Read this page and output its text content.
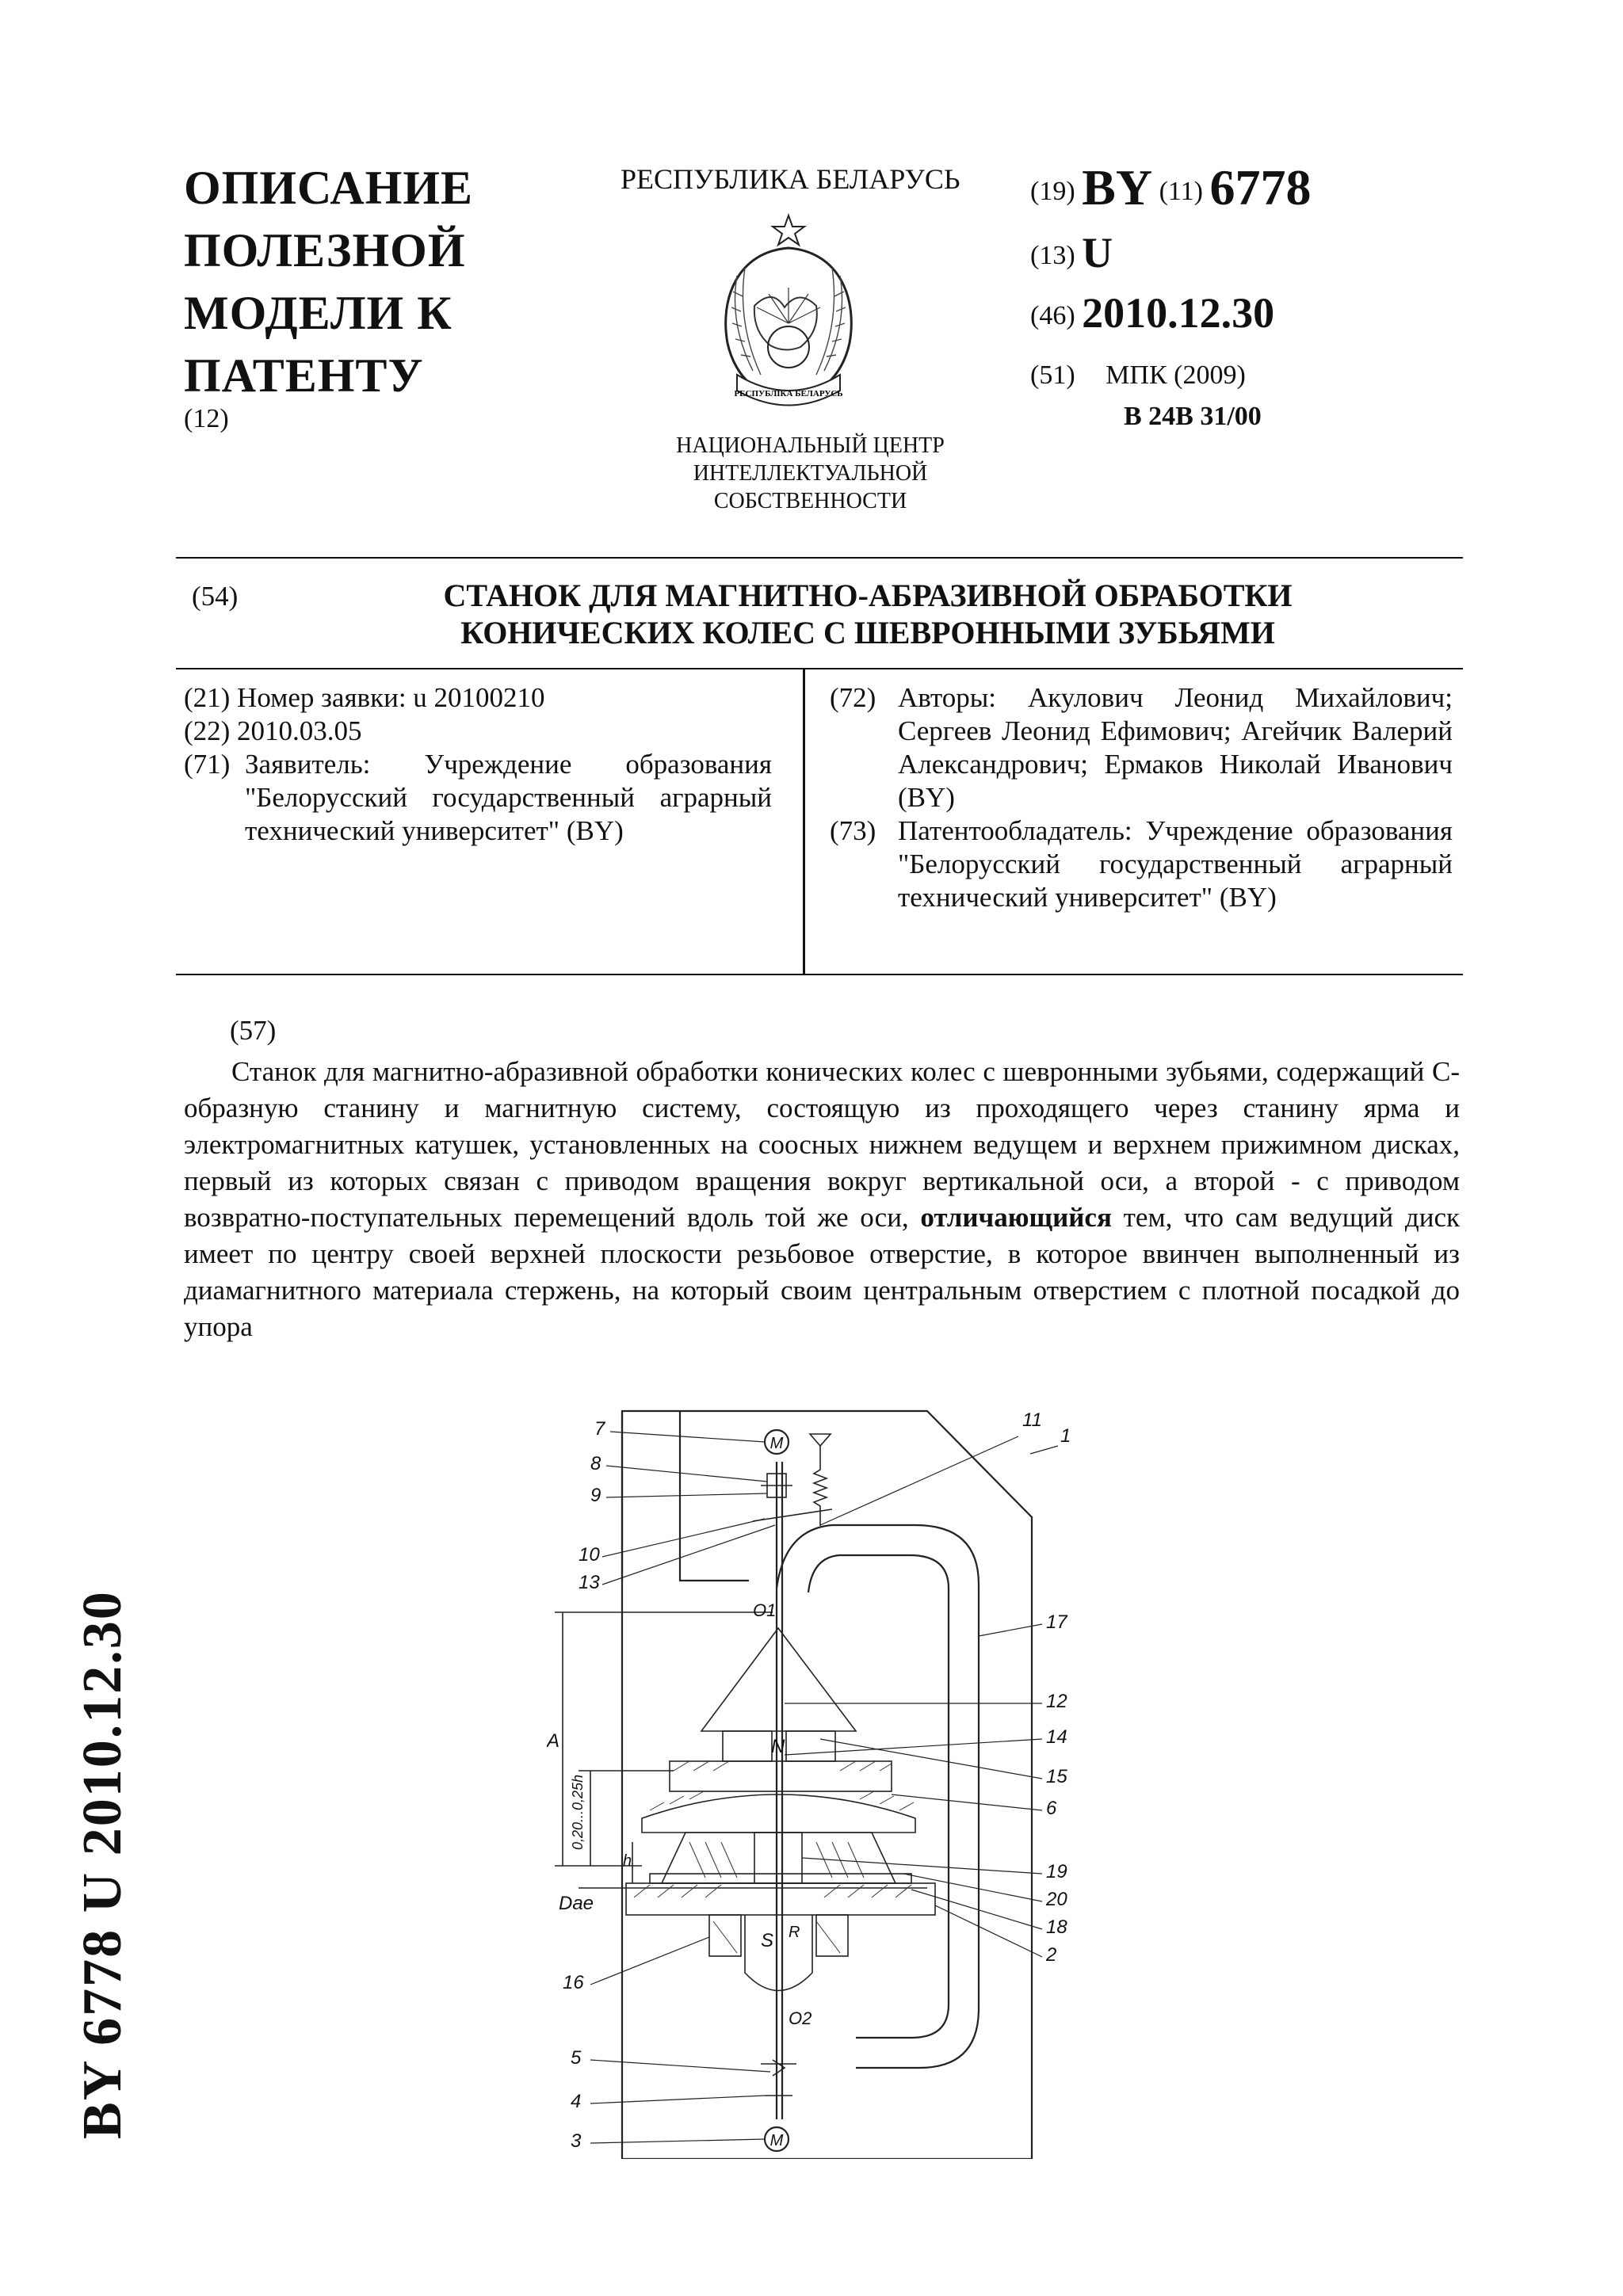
ОПИСАНИЕ
ПОЛЕЗНОЙ
МОДЕЛИ К
ПАТЕНТУ
(12)
РЕСПУБЛИКА БЕЛАРУСЬ
РЕСПУБЛІКА БЕЛАРУСЬ
НАЦИОНАЛЬНЫЙ ЦЕНТР
ИНТЕЛЛЕКТУАЛЬНОЙ
СОБСТВЕННОСТИ
(19) BY (11) 6778
(13) U
(46) 2010.12.30
(51) МПК (2009)
B 24B 31/00
(54)	СТАНОК ДЛЯ МАГНИТНО-АБРАЗИВНОЙ ОБРАБОТКИ
КОНИЧЕСКИХ КОЛЕС С ШЕВРОННЫМИ ЗУБЬЯМИ
(21) Номер заявки: u 20100210
(22) 2010.03.05
(71) Заявитель: Учреждение образования "Белорусский государственный аграрный технический университет" (BY)
(72) Авторы: Акулович Леонид Михайлович; Сергеев Леонид Ефимович; Агейчик Валерий Александрович; Ермаков Николай Иванович (BY)
(73) Патентообладатель: Учреждение образования "Белорусский государственный аграрный технический университет" (BY)
(57)

Станок для магнитно-абразивной обработки конических колес с шевронными зубьями, содержащий С-образную станину и магнитную систему, состоящую из проходящего через станину ярма и электромагнитных катушек, установленных на соосных нижнем ведущем и верхнем прижимном дисках, первый из которых связан с приводом вращения вокруг вертикальной оси, а второй - с приводом возвратно-поступательных перемещений вдоль той же оси, отличающийся тем, что сам ведущий диск имеет по центру своей верхней плоскости резьбовое отверстие, в которое ввинчен выполненный из диамагнитного материала стержень, на который своим центральным отверстием с плотной посадкой до упора

BY 6778 U 2010.12.30
M
M
7
8
9
10
13
11
1
17
12
14
15
6
19
20
18
2
16
5
4
3
A
0,20...0,25h
h
Dae
R
N
S
O1
O2
